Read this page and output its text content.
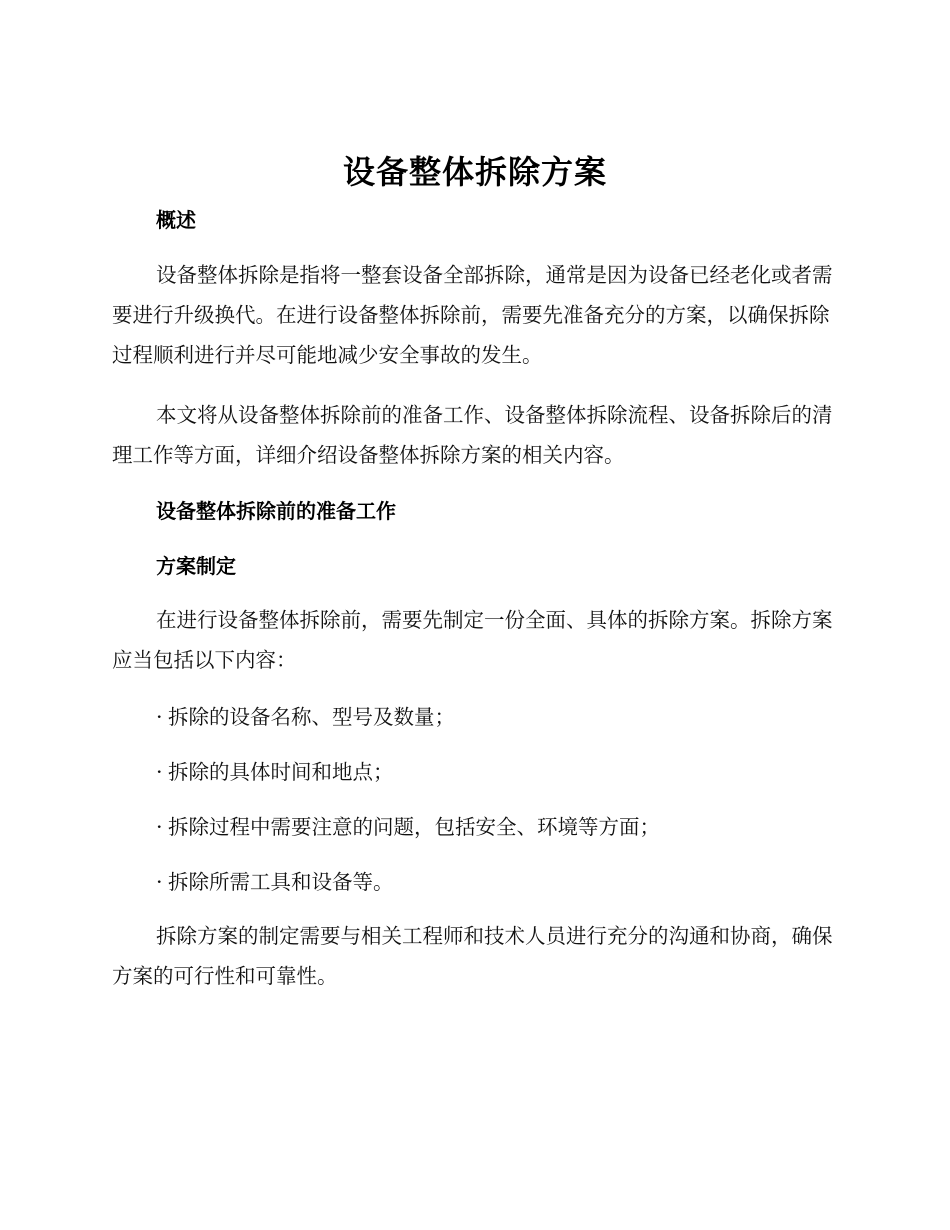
设备整体拆除方案
概述

设备整体拆除是指将一整套设备全部拆除，通常是因为设备已经老化或者需要进行升级换代。在进行设备整体拆除前，需要先准备充分的方案，以确保拆除过程顺利进行并尽可能地减少安全事故的发生。

本文将从设备整体拆除前的准备工作、设备整体拆除流程、设备拆除后的清理工作等方面，详细介绍设备整体拆除方案的相关内容。

设备整体拆除前的准备工作
方案制定

在进行设备整体拆除前，需要先制定一份全面、具体的拆除方案。拆除方案应当包括以下内容：

· 拆除的设备名称、型号及数量；
· 拆除的具体时间和地点；
· 拆除过程中需要注意的问题，包括安全、环境等方面；
· 拆除所需工具和设备等。

拆除方案的制定需要与相关工程师和技术人员进行充分的沟通和协商，确保方案的可行性和可靠性。
